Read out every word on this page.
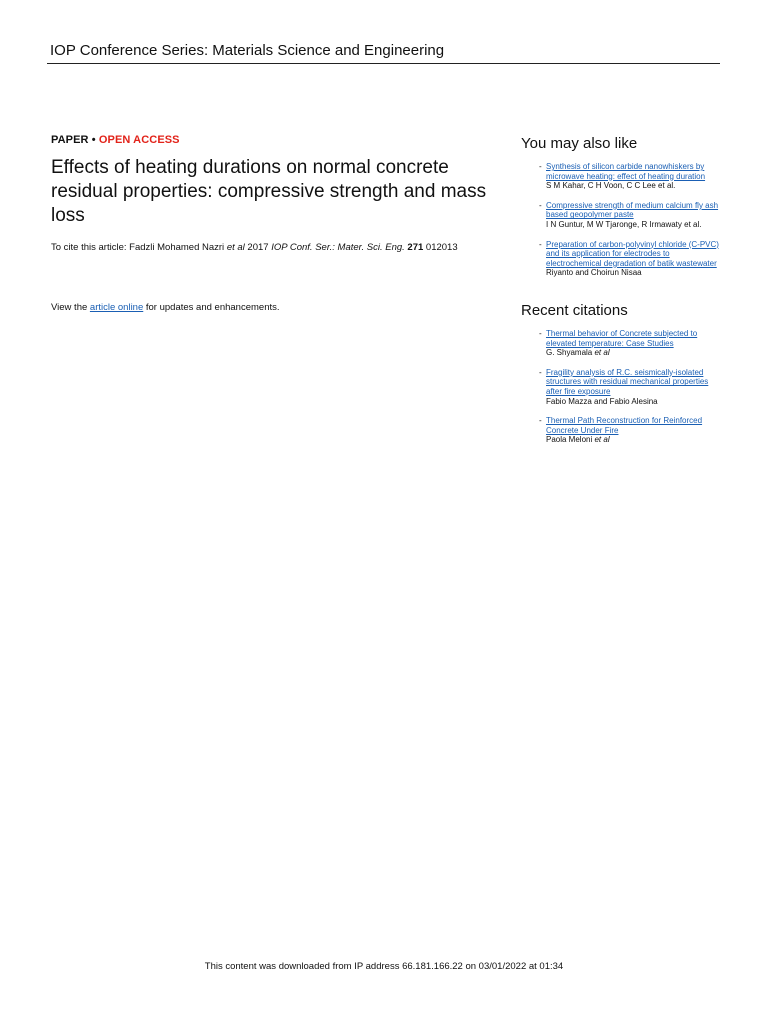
IOP Conference Series: Materials Science and Engineering
PAPER • OPEN ACCESS
Effects of heating durations on normal concrete residual properties: compressive strength and mass loss
To cite this article: Fadzli Mohamed Nazri et al 2017 IOP Conf. Ser.: Mater. Sci. Eng. 271 012013
View the article online for updates and enhancements.
You may also like
- Synthesis of silicon carbide nanowhiskers by microwave heating: effect of heating duration
S M Kahar, C H Voon, C C Lee et al.
- Compressive strength of medium calcium fly ash based geopolymer paste
I N Guntur, M W Tjaronge, R Irmawaty et al.
- Preparation of carbon-polyvinyl chloride (C-PVC) and its application for electrodes to electrochemical degradation of batik wastewater
Riyanto and Choirun Nisaa
Recent citations
- Thermal behavior of Concrete subjected to elevated temperature: Case Studies
G. Shyamala et al
- Fragility analysis of R.C. seismically-isolated structures with residual mechanical properties after fire exposure
Fabio Mazza and Fabio Alesina
- Thermal Path Reconstruction for Reinforced Concrete Under Fire
Paola Meloni et al
This content was downloaded from IP address 66.181.166.22 on 03/01/2022 at 01:34
